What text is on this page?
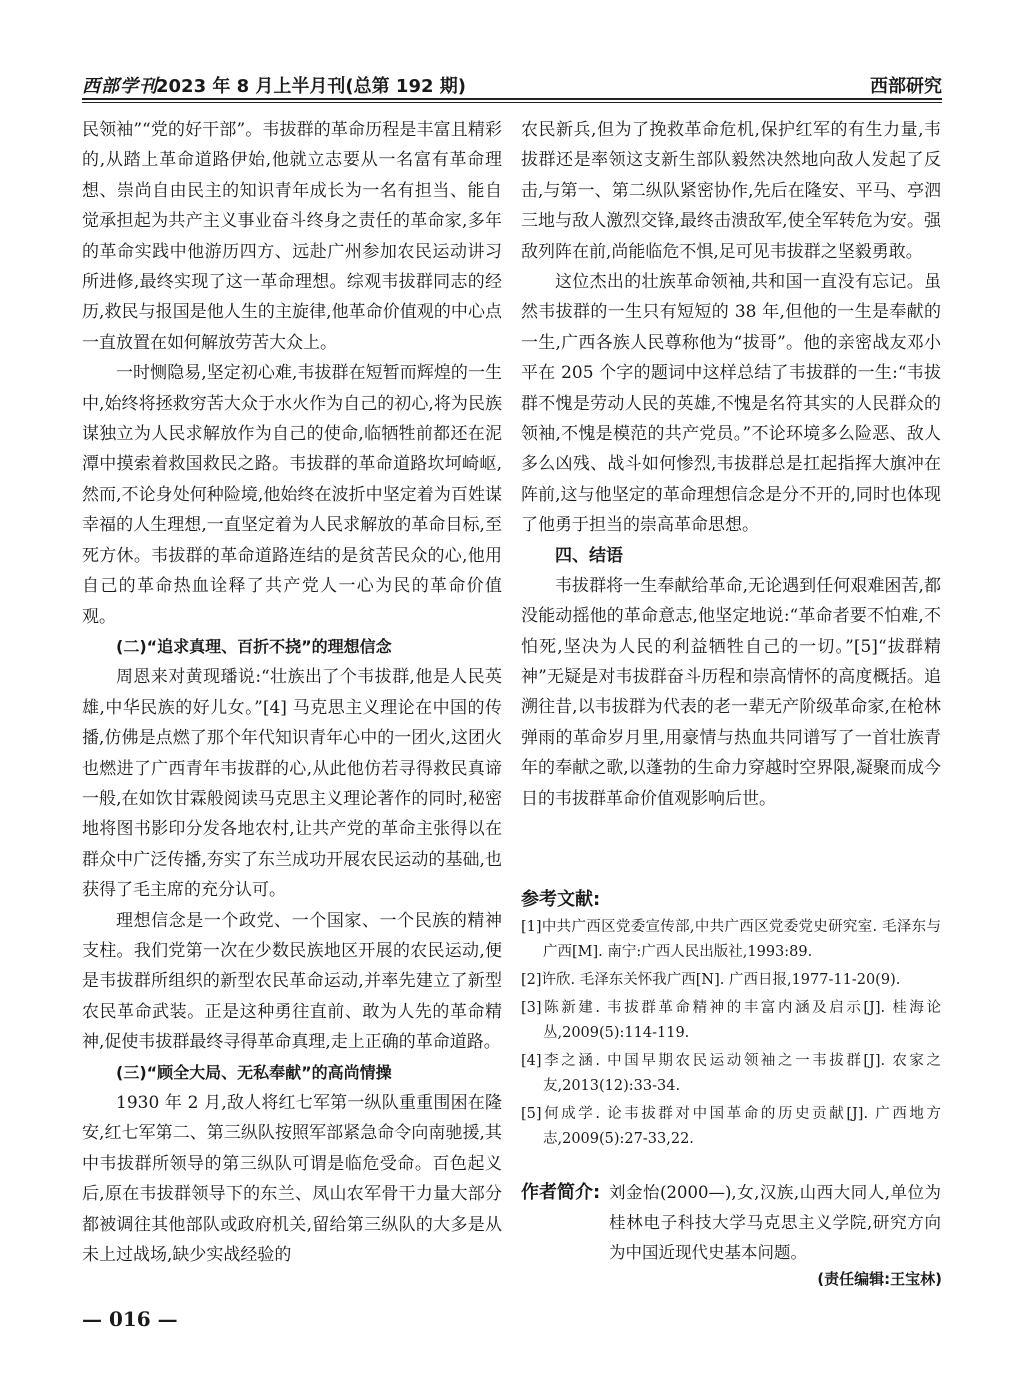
西部学刊
2023 年 8 月上半月刊(总第 192 期)	西部研究

民领袖”“党的好干部”。韦拔群的革命历程是丰富且精彩的,从踏上革命道路伊始,他就立志要从一名富有革命理想、崇尚自由民主的知识青年成长为一名有担当、能自觉承担起为共产主义事业奋斗终身之责任的革命家,多年的革命实践中他游历四方、远赴广州参加农民运动讲习所进修,最终实现了这一革命理想。综观韦拔群同志的经历,救民与报国是他人生的主旋律,他革命价值观的中心点一直放置在如何解放劳苦大众上。

一时恻隐易,坚定初心难,韦拔群在短暂而辉煌的一生中,始终将拯救穷苦大众于水火作为自己的初心,将为民族谋独立为人民求解放作为自己的使命,临牺牲前都还在泥潭中摸索着救国救民之路。韦拔群的革命道路坎坷崎岖,然而,不论身处何种险境,他始终在波折中坚定着为百姓谋幸福的人生理想,一直坚定着为人民求解放的革命目标,至死方休。韦拔群的革命道路连结的是贫苦民众的心,他用自己的革命热血诠释了共产党人一心为民的革命价值观。

(二)“追求真理、百折不挠”的理想信念

周恩来对黄现璠说:“壮族出了个韦拔群,他是人民英雄,中华民族的好儿女。”[4] 马克思主义理论在中国的传播,仿佛是点燃了那个年代知识青年心中的一团火,这团火也燃进了广西青年韦拔群的心,从此他仿若寻得救民真谛一般,在如饮甘霖般阅读马克思主义理论著作的同时,秘密地将图书影印分发各地农村,让共产党的革命主张得以在群众中广泛传播,夯实了东兰成功开展农民运动的基础,也获得了毛主席的充分认可。

理想信念是一个政党、一个国家、一个民族的精神支柱。我们党第一次在少数民族地区开展的农民运动,便是韦拔群所组织的新型农民革命运动,并率先建立了新型农民革命武装。正是这种勇往直前、敢为人先的革命精神,促使韦拔群最终寻得革命真理,走上正确的革命道路。

(三)“顾全大局、无私奉献”的高尚情操

1930 年 2 月,敌人将红七军第一纵队重重围困在隆安,红七军第二、第三纵队按照军部紧急命令向南驰援,其中韦拔群所领导的第三纵队可谓是临危受命。百色起义后,原在韦拔群领导下的东兰、凤山农军骨干力量大部分都被调往其他部队或政府机关,留给第三纵队的大多是从未上过战场,缺少实战经验的

农民新兵,但为了挽救革命危机,保护红军的有生力量,韦拔群还是率领这支新生部队毅然决然地向敌人发起了反击,与第一、第二纵队紧密协作,先后在隆安、平马、亭泗三地与敌人激烈交锋,最终击溃敌军,使全军转危为安。强敌列阵在前,尚能临危不惧,足可见韦拔群之坚毅勇敢。

这位杰出的壮族革命领袖,共和国一直没有忘记。虽然韦拔群的一生只有短短的 38 年,但他的一生是奉献的一生,广西各族人民尊称他为“拔哥”。他的亲密战友邓小平在 205 个字的题词中这样总结了韦拔群的一生:“韦拔群不愧是劳动人民的英雄,不愧是名符其实的人民群众的领袖,不愧是模范的共产党员。”不论环境多么险恶、敌人多么凶残、战斗如何惨烈,韦拔群总是扛起指挥大旗冲在阵前,这与他坚定的革命理想信念是分不开的,同时也体现了他勇于担当的崇高革命思想。

四、结语

韦拔群将一生奉献给革命,无论遇到任何艰难困苦,都没能动摇他的革命意志,他坚定地说:“革命者要不怕难,不怕死,坚决为人民的利益牺牲自己的一切。”[5]“拔群精神”无疑是对韦拔群奋斗历程和崇高情怀的高度概括。追溯往昔,以韦拔群为代表的老一辈无产阶级革命家,在枪林弹雨的革命岁月里,用豪情与热血共同谱写了一首壮族青年的奉献之歌,以蓬勃的生命力穿越时空界限,凝聚而成今日的韦拔群革命价值观影响后世。

参考文献:

[1]中共广西区党委宣传部,中共广西区党委党史研究室. 毛泽东与广西[M]. 南宁:广西人民出版社,1993:89.

[2]许欣. 毛泽东关怀我广西[N]. 广西日报,1977-11-20(9).

[3]陈新建. 韦拔群革命精神的丰富内涵及启示[J]. 桂海论丛,2009(5):114-119.

[4]李之涵. 中国早期农民运动领袖之一韦拔群[J]. 农家之友,2013(12):33-34.

[5]何成学. 论韦拔群对中国革命的历史贡献[J]. 广西地方志,2009(5):27-33,22.

作者简介: 刘金怡(2000—),女,汉族,山西大同人,单位为桂林电子科技大学马克思主义学院,研究方向为中国近现代史基本问题。
(责任编辑:王宝林)
— 016 —
